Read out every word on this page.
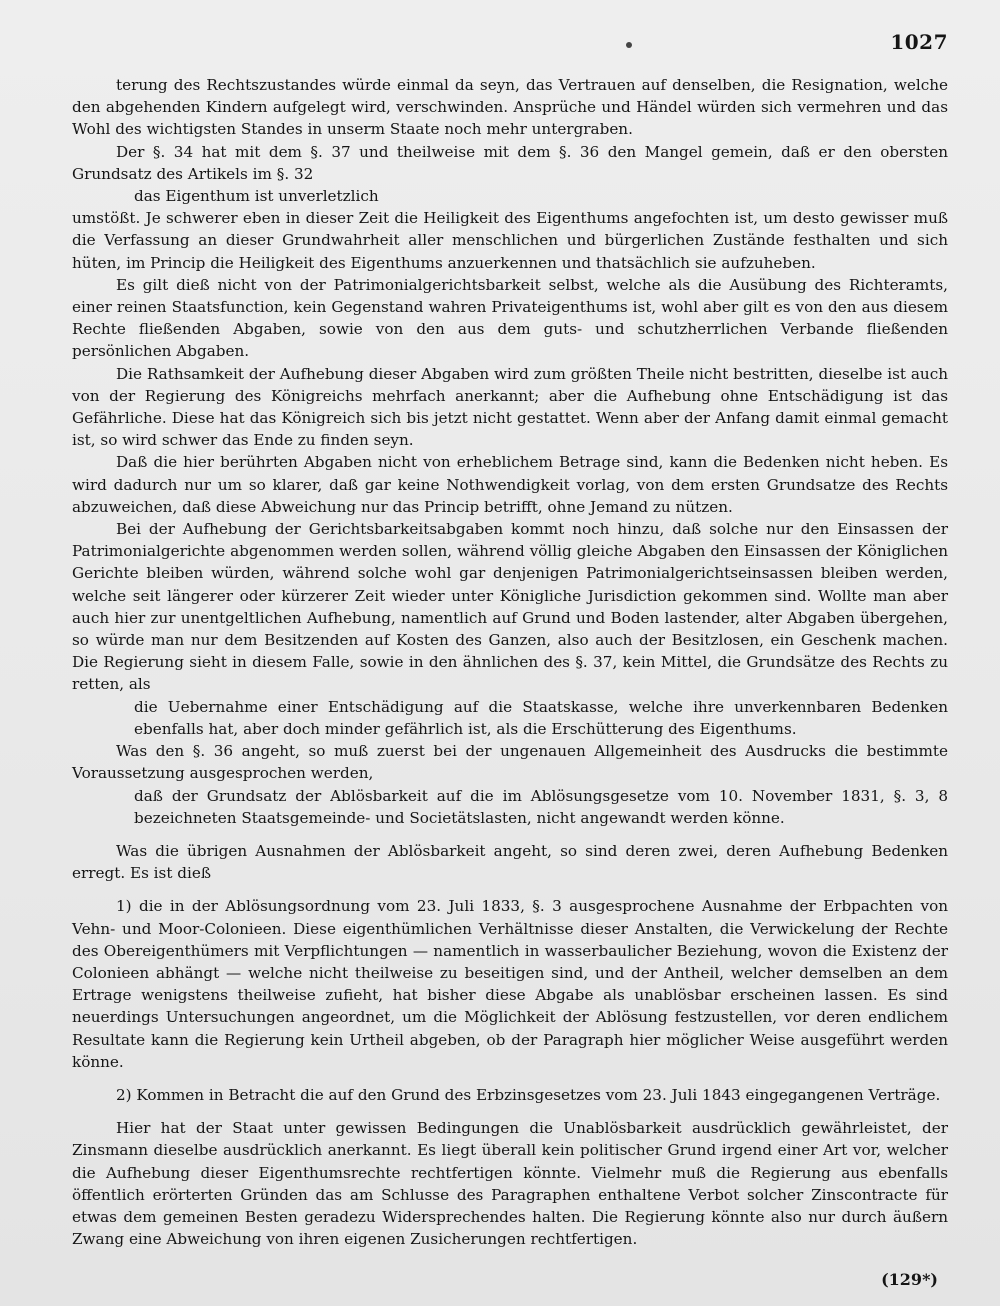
1027

terung des Rechtszustandes würde einmal da seyn, das Vertrauen auf denselben, die Resignation, welche den abgehenden Kindern aufgelegt wird, verschwinden. Ansprüche und Händel würden sich vermehren und das Wohl des wichtigsten Standes in unserm Staate noch mehr untergraben.

Der §. 34 hat mit dem §. 37 und theilweise mit dem §. 36 den Mangel gemein, daß er den obersten Grundsatz des Artikels im §. 32
das Eigenthum ist unverletzlich
umstößt. Je schwerer eben in dieser Zeit die Heiligkeit des Eigenthums angefochten ist, um desto gewisser muß die Verfassung an dieser Grundwahrheit aller menschlichen und bürgerlichen Zustände festhalten und sich hüten, im Princip die Heiligkeit des Eigenthums anzuerkennen und thatsächlich sie aufzuheben.

Es gilt dieß nicht von der Patrimonialgerichtsbarkeit selbst, welche als die Ausübung des Richteramts, einer reinen Staatsfunction, kein Gegenstand wahren Privateigenthums ist, wohl aber gilt es von den aus diesem Rechte fließenden Abgaben, sowie von den aus dem guts- und schutzherrlichen Verbande fließenden persönlichen Abgaben.

Die Rathsamkeit der Aufhebung dieser Abgaben wird zum größten Theile nicht bestritten, dieselbe ist auch von der Regierung des Königreichs mehrfach anerkannt; aber die Aufhebung ohne Entschädigung ist das Gefährliche. Diese hat das Königreich sich bis jetzt nicht gestattet. Wenn aber der Anfang damit einmal gemacht ist, so wird schwer das Ende zu finden seyn.

Daß die hier berührten Abgaben nicht von erheblichem Betrage sind, kann die Bedenken nicht heben. Es wird dadurch nur um so klarer, daß gar keine Nothwendigkeit vorlag, von dem ersten Grundsatze des Rechts abzuweichen, daß diese Abweichung nur das Princip betrifft, ohne Jemand zu nützen.

Bei der Aufhebung der Gerichtsbarkeitsabgaben kommt noch hinzu, daß solche nur den Einsassen der Patrimonialgerichte abgenommen werden sollen, während völlig gleiche Abgaben den Einsassen der Königlichen Gerichte bleiben würden, während solche wohl gar denjenigen Patrimonialgerichtseinsassen bleiben werden, welche seit längerer oder kürzerer Zeit wieder unter Königliche Jurisdiction gekommen sind. Wollte man aber auch hier zur unentgeltlichen Aufhebung, namentlich auf Grund und Boden lastender, alter Abgaben übergehen, so würde man nur dem Besitzenden auf Kosten des Ganzen, also auch der Besitzlosen, ein Geschenk machen. Die Regierung sieht in diesem Falle, sowie in den ähnlichen des §. 37, kein Mittel, die Grundsätze des Rechts zu retten, als
die Uebernahme einer Entschädigung auf die Staatskasse, welche ihre unverkennbaren Bedenken ebenfalls hat, aber doch minder gefährlich ist, als die Erschütterung des Eigenthums.

Was den §. 36 angeht, so muß zuerst bei der ungenauen Allgemeinheit des Ausdrucks die bestimmte Voraussetzung ausgesprochen werden,
daß der Grundsatz der Ablösbarkeit auf die im Ablösungsgesetze vom 10. November 1831, §. 3, 8 bezeichneten Staatsgemeinde- und Societätslasten, nicht angewandt werden könne.

Was die übrigen Ausnahmen der Ablösbarkeit angeht, so sind deren zwei, deren Aufhebung Bedenken erregt. Es ist dieß

1) die in der Ablösungsordnung vom 23. Juli 1833, §. 3 ausgesprochene Ausnahme der Erbpachten von Vehn- und Moor-Colonieen. Diese eigenthümlichen Verhältnisse dieser Anstalten, die Verwickelung der Rechte des Obereigenthümers mit Verpflichtungen — namentlich in wasserbaulicher Beziehung, wovon die Existenz der Colonieen abhängt — welche nicht theilweise zu beseitigen sind, und der Antheil, welcher demselben an dem Ertrage wenigstens theilweise zufieht, hat bisher diese Abgabe als unablösbar erscheinen lassen. Es sind neuerdings Untersuchungen angeordnet, um die Möglichkeit der Ablösung festzustellen, vor deren endlichem Resultate kann die Regierung kein Urtheil abgeben, ob der Paragraph hier möglicher Weise ausgeführt werden könne.

2) Kommen in Betracht die auf den Grund des Erbzinsgesetzes vom 23. Juli 1843 eingegangenen Verträge.

Hier hat der Staat unter gewissen Bedingungen die Unablösbarkeit ausdrücklich gewährleistet, der Zinsmann dieselbe ausdrücklich anerkannt. Es liegt überall kein politischer Grund irgend einer Art vor, welcher die Aufhebung dieser Eigenthumsrechte rechtfertigen könnte. Vielmehr muß die Regierung aus ebenfalls öffentlich erörterten Gründen das am Schlusse des Paragraphen enthaltene Verbot solcher Zinscontracte für etwas dem gemeinen Besten geradezu Widersprechendes halten. Die Regierung könnte also nur durch äußern Zwang eine Abweichung von ihren eigenen Zusicherungen rechtfertigen.

(129*)
